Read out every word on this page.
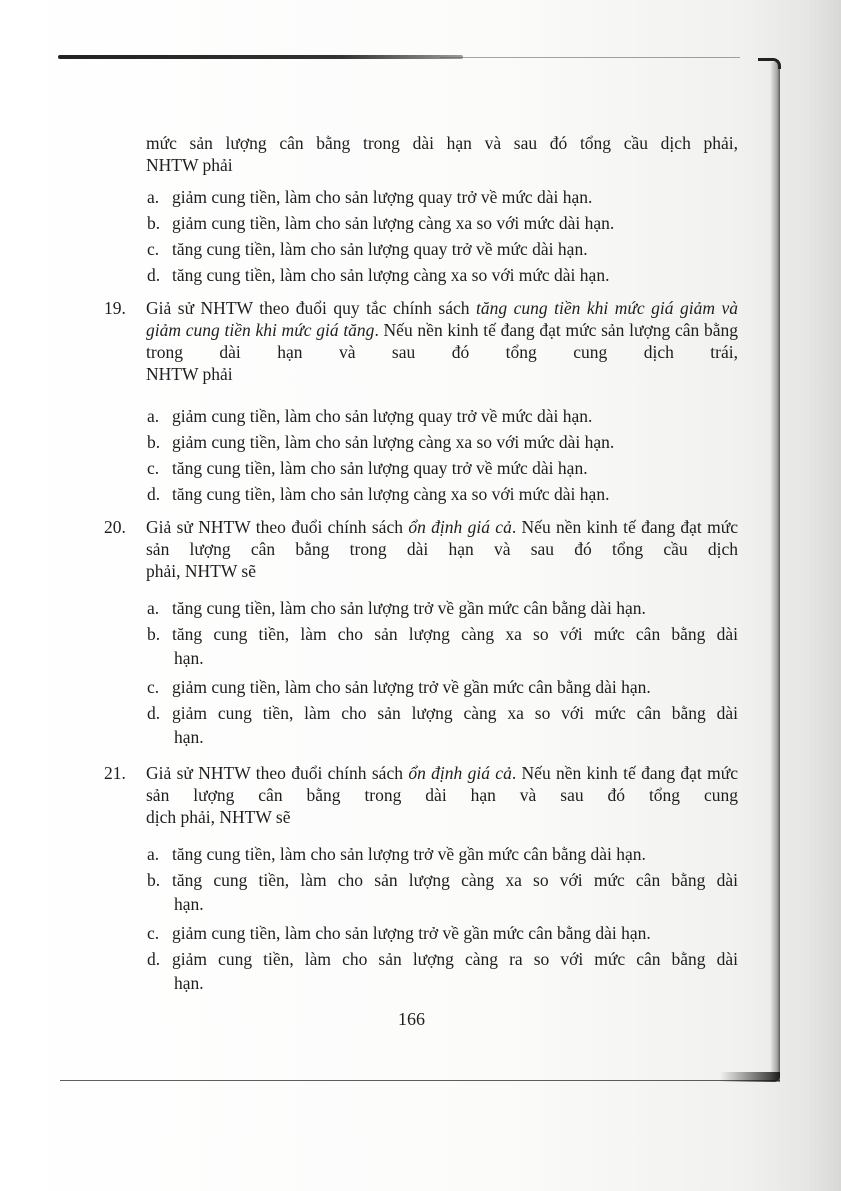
mức sản lượng cân bằng trong dài hạn và sau đó tổng cầu dịch phải,
NHTW phải
a. giảm cung tiền, làm cho sản lượng quay trở về mức dài hạn.
b. giảm cung tiền, làm cho sản lượng càng xa so với mức dài hạn.
c. tăng cung tiền, làm cho sản lượng quay trở về mức dài hạn.
d. tăng cung tiền, làm cho sản lượng càng xa so với mức dài hạn.
19. Giả sử NHTW theo đuổi quy tắc chính sách tăng cung tiền khi mức giá giảm và giảm cung tiền khi mức giá tăng. Nếu nền kinh tế đang đạt mức sản lượng cân bằng trong dài hạn và sau đó tổng cung dịch trái,
NHTW phải
a. giảm cung tiền, làm cho sản lượng quay trở về mức dài hạn.
b. giảm cung tiền, làm cho sản lượng càng xa so với mức dài hạn.
c. tăng cung tiền, làm cho sản lượng quay trở về mức dài hạn.
d. tăng cung tiền, làm cho sản lượng càng xa so với mức dài hạn.
20. Giả sử NHTW theo đuổi chính sách ổn định giá cả. Nếu nền kinh tế đang đạt mức sản lượng cân bằng trong dài hạn và sau đó tổng cầu dịch
phải, NHTW sẽ
a. tăng cung tiền, làm cho sản lượng trở về gần mức cân bằng dài hạn.
b. tăng cung tiền, làm cho sản lượng càng xa so với mức cân bằng dài
hạn.
c. giảm cung tiền, làm cho sản lượng trở về gần mức cân bằng dài hạn.
d. giảm cung tiền, làm cho sản lượng càng xa so với mức cân bằng dài
hạn.
21. Giả sử NHTW theo đuổi chính sách ổn định giá cả. Nếu nền kinh tế đang đạt mức sản lượng cân bằng trong dài hạn và sau đó tổng cung
dịch phải, NHTW sẽ
a. tăng cung tiền, làm cho sản lượng trở về gần mức cân bằng dài hạn.
b. tăng cung tiền, làm cho sản lượng càng xa so với mức cân bằng dài
hạn.
c. giảm cung tiền, làm cho sản lượng trở về gần mức cân bằng dài hạn.
d. giảm cung tiền, làm cho sản lượng càng ra so với mức cân bằng dài
hạn.
166
